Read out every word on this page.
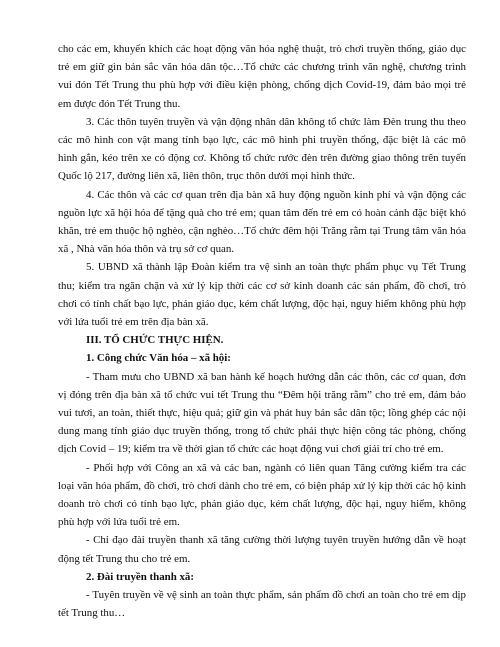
cho các em, khuyến khích các hoạt động văn hóa nghệ thuật, trò chơi truyền thống, giáo dục trẻ em giữ gìn bản sắc văn hóa dân tộc…Tổ chức các chương trình văn nghệ, chương trình vui đón Tết Trung thu phù hợp với điều kiện phòng, chống dịch Covid-19, đảm bảo mọi trẻ em được đón Tết Trung thu.

3. Các thôn tuyên truyền và vận động nhân dân không tổ chức làm Đèn trung thu theo các mô hình con vật mang tính bạo lực, các mô hình phi truyền thống, đặc biệt là các mô hình gắn, kéo trên xe có động cơ. Không tổ chức rước đèn trên đường giao thông trên tuyến Quốc lộ 217, đường liên xã, liên thôn, trục thôn dưới mọi hình thức.

4. Các thôn và các cơ quan trên địa bàn xã huy động nguồn kinh phí và vận động các nguồn lực xã hội hóa để tặng quà cho trẻ em; quan tâm đến trẻ em có hoàn cảnh đặc biệt khó khăn, trẻ em thuộc hộ nghèo, cận nghèo…Tổ chức đêm hội Trăng rằm tại Trung tâm văn hóa xã , Nhà văn hóa thôn và trụ sở cơ quan.

5. UBND xã thành lập Đoàn kiểm tra vệ sinh an toàn thực phẩm phục vụ Tết Trung thu; kiểm tra ngăn chặn và xử lý kịp thời các cơ sở kinh doanh các sản phẩm, đồ chơi, trò chơi có tính chất bạo lực, phản giáo dục, kém chất lượng, độc hại, nguy hiểm không phù hợp với lứa tuổi trẻ em trên địa bàn xã.

III. TỔ CHỨC THỰC HIỆN.

1. Công chức Văn hóa – xã hội:

- Tham mưu cho UBND xã ban hành kế hoạch hướng dẫn các thôn, các cơ quan, đơn vị đóng trên địa bàn xã tổ chức vui tết Trung thu “Đêm hội trăng rằm” cho trẻ em, đảm bảo vui tươi, an toàn, thiết thực, hiệu quả; giữ gìn và phát huy bản sắc dân tộc; lồng ghép các nội dung mang tính giáo dục truyền thống, trong tổ chức phải thực hiện công tác phòng, chống dịch Covid – 19; kiểm tra về thời gian tổ chức các hoạt động vui chơi giải trí cho trẻ em.

- Phối hợp với Công an xã và các ban, ngành có liên quan Tăng cường kiểm tra các loại văn hóa phẩm, đồ chơi, trò chơi dành cho trẻ em, có biện pháp xử lý kịp thời các hộ kinh doanh trò chơi có tính bạo lực, phản giáo dục, kém chất lượng, độc hại, nguy hiểm, không phù hợp với lứa tuổi trẻ em.

- Chỉ đạo đài truyền thanh xã tăng cường thời lượng tuyên truyền hướng dẫn về hoạt động tết Trung thu cho trẻ em.

2. Đài truyền thanh xã:

- Tuyên truyền về vệ sinh an toàn thực phẩm, sản phẩm đồ chơi an toàn cho trẻ em dịp tết Trung thu…
